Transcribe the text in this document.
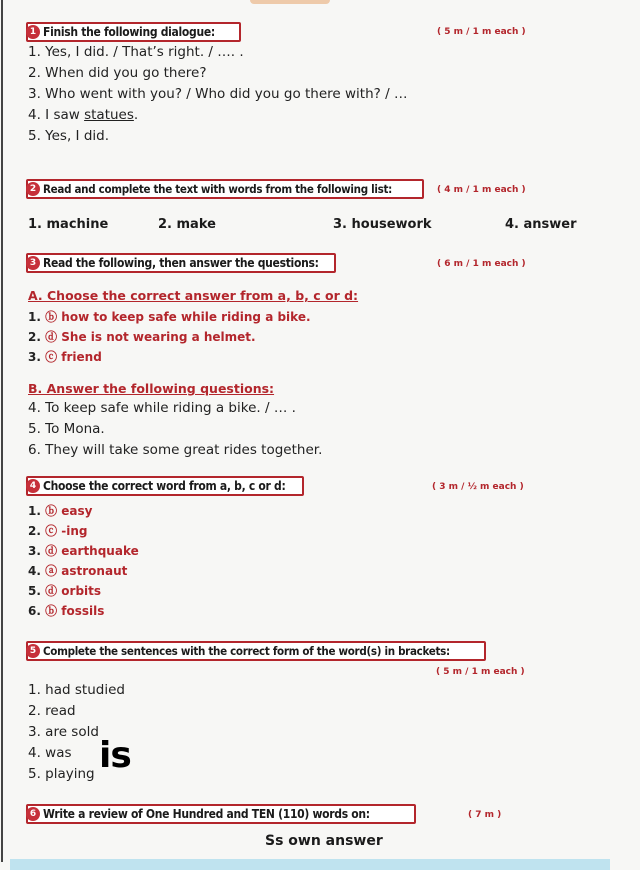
1 Finish the following dialogue:	( 5 m / 1 m each )
1. Yes, I did. / That’s right. / …. .
2. When did you go there?
3. Who went with you? / Who did you go there with? / …
4. I saw statues.
5. Yes, I did.
2 Read and complete the text with words from the following list:	( 4 m / 1 m each )
1. machine	2. make	3. housework	4. answer
3 Read the following, then answer the questions:	( 6 m / 1 m each )
A. Choose the correct answer from a, b, c or d:
1. ⓑ how to keep safe while riding a bike.
2. ⓓ She is not wearing a helmet.
3. ⓒ friend
B. Answer the following questions:
4. To keep safe while riding a bike. / … .
5. To Mona.
6. They will take some great rides together.
4 Choose the correct word from a, b, c or d:	( 3 m / ½ m each )
1. ⓑ easy
2. ⓒ -ing
3. ⓓ earthquake
4. ⓐ astronaut
5. ⓓ orbits
6. ⓑ fossils
5 Complete the sentences with the correct form of the word(s) in brackets:
( 5 m / 1 m each )
1. had studied
2. read
3. are sold
4. was
5. playing is
6 Write a review of One Hundred and TEN (110) words on:	( 7 m )
Ss own answer
